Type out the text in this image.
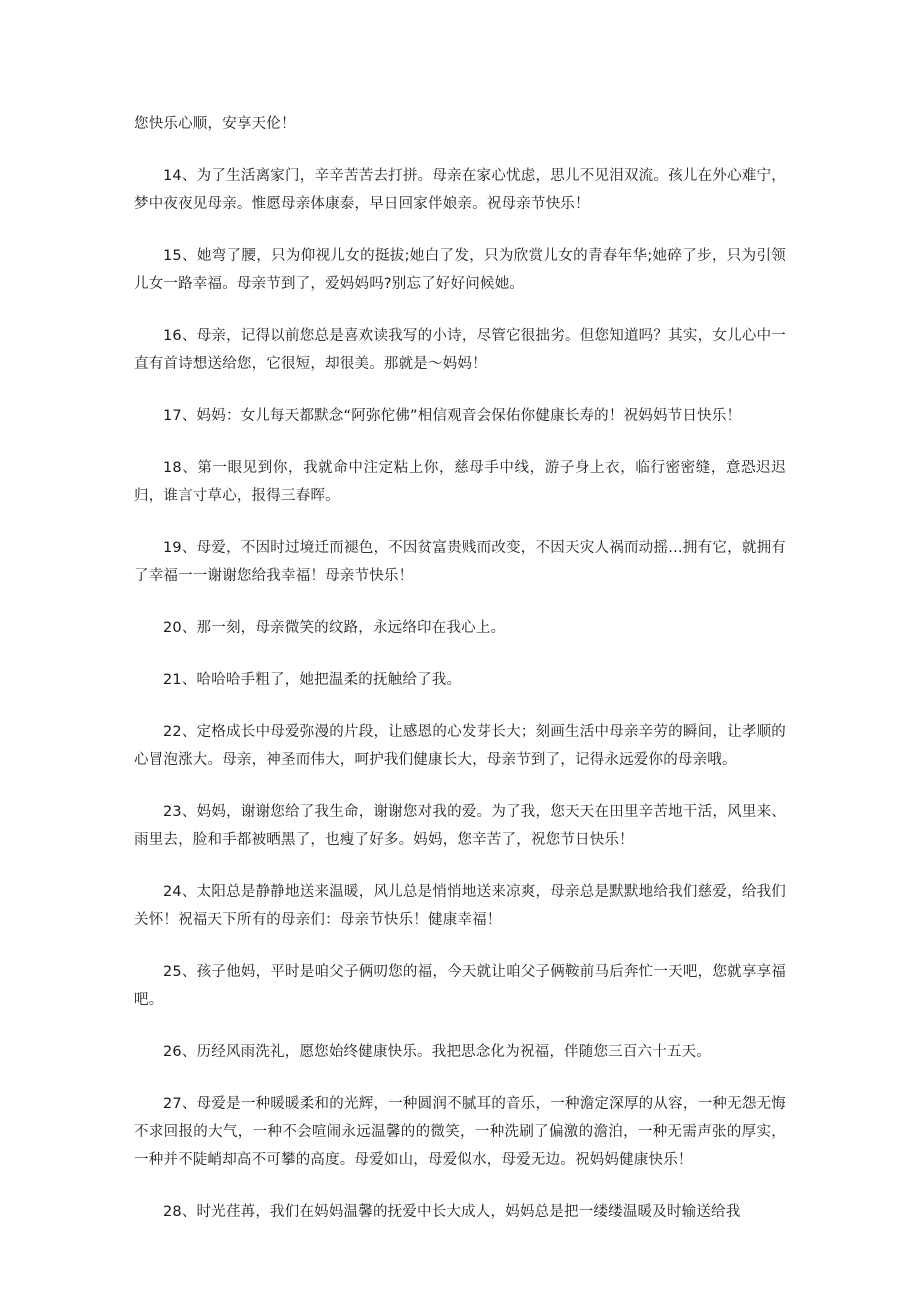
您快乐心顺，安享天伦！

14、为了生活离家门，辛辛苦苦去打拼。母亲在家心忧虑，思儿不见泪双流。孩儿在外心难宁，梦中夜夜见母亲。惟愿母亲体康泰，早日回家伴娘亲。祝母亲节快乐！

15、她弯了腰，只为仰视儿女的挺拔;她白了发，只为欣赏儿女的青春年华;她碎了步，只为引领儿女一路幸福。母亲节到了，爱妈妈吗?别忘了好好问候她。

16、母亲，记得以前您总是喜欢读我写的小诗，尽管它很拙劣。但您知道吗？其实，女儿心中一直有首诗想送给您，它很短，却很美。那就是～妈妈！

17、妈妈：女儿每天都默念“阿弥佗佛”相信观音会保佑你健康长寿的！祝妈妈节日快乐！

18、第一眼见到你，我就命中注定粘上你，慈母手中线，游子身上衣，临行密密缝，意恐迟迟归，谁言寸草心，报得三春晖。

19、母爱，不因时过境迁而褪色，不因贫富贵贱而改变，不因天灾人祸而动摇…拥有它，就拥有了幸福一一谢谢您给我幸福！母亲节快乐！

20、那一刻，母亲微笑的纹路，永远络印在我心上。

21、哈哈哈手粗了，她把温柔的抚触给了我。

22、定格成长中母爱弥漫的片段，让感恩的心发芽长大；刻画生活中母亲辛劳的瞬间，让孝顺的心冒泡涨大。母亲，神圣而伟大，呵护我们健康长大，母亲节到了，记得永远爱你的母亲哦。

23、妈妈，谢谢您给了我生命，谢谢您对我的爱。为了我，您天天在田里辛苦地干活，风里来、雨里去，脸和手都被晒黑了，也瘦了好多。妈妈，您辛苦了，祝您节日快乐！

24、太阳总是静静地送来温暖，风儿总是悄悄地送来凉爽，母亲总是默默地给我们慈爱，给我们关怀！祝福天下所有的母亲们：母亲节快乐！健康幸福！

25、孩子他妈，平时是咱父子俩叨您的福，今天就让咱父子俩鞍前马后奔忙一天吧，您就享享福吧。

26、历经风雨洗礼，愿您始终健康快乐。我把思念化为祝福，伴随您三百六十五天。

27、母爱是一种暖暖柔和的光辉，一种圆润不腻耳的音乐，一种澹定深厚的从容，一种无怨无悔不求回报的大气，一种不会喧闹永远温馨的的微笑，一种洗刷了偏激的澹泊，一种无需声张的厚实，一种并不陡峭却高不可攀的高度。母爱如山，母爱似水，母爱无边。祝妈妈健康快乐！

28、时光荏苒，我们在妈妈温馨的抚爱中长大成人，妈妈总是把一缕缕温暖及时输送给我
